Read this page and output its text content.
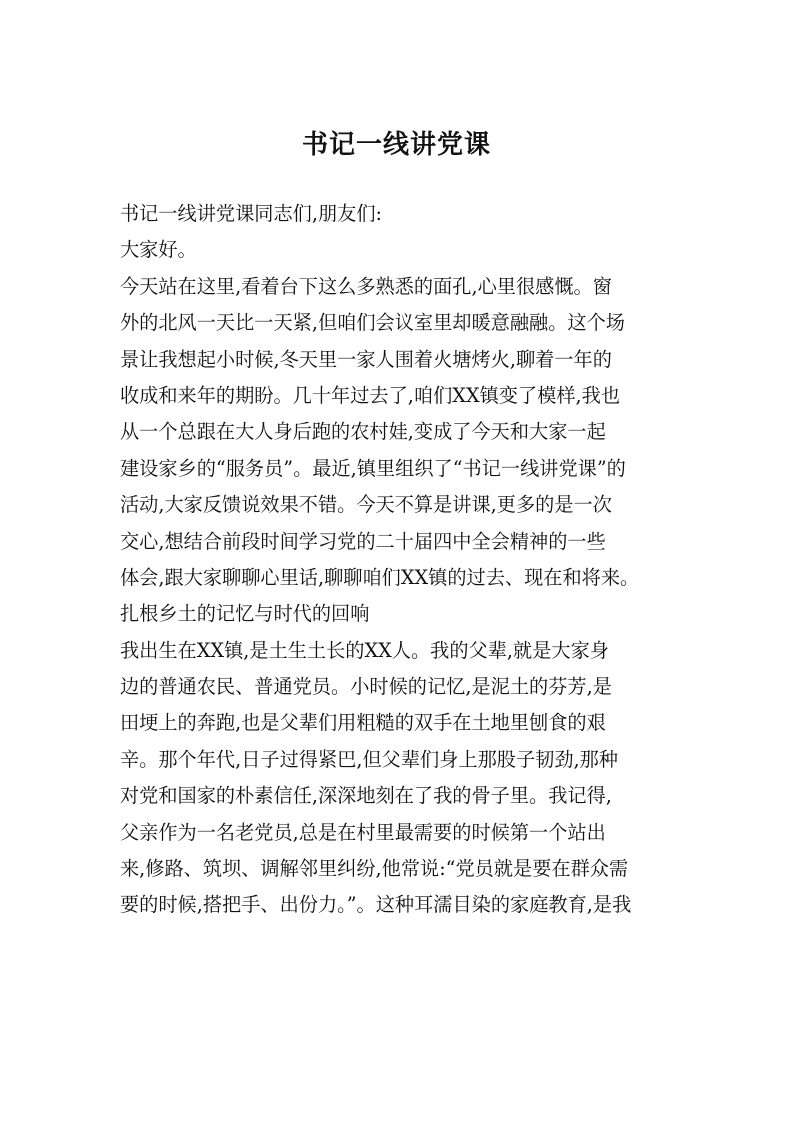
书记一线讲党课
书记一线讲党课同志们,朋友们:
大家好。
今天站在这里,看着台下这么多熟悉的面孔,心里很感慨。窗
外的北风一天比一天紧,但咱们会议室里却暖意融融。这个场
景让我想起小时候,冬天里一家人围着火塘烤火,聊着一年的
收成和来年的期盼。几十年过去了,咱们XX镇变了模样,我也
从一个总跟在大人身后跑的农村娃,变成了今天和大家一起
建设家乡的“服务员”。最近,镇里组织了“书记一线讲党课”的
活动,大家反馈说效果不错。今天不算是讲课,更多的是一次
交心,想结合前段时间学习党的二十届四中全会精神的一些
体会,跟大家聊聊心里话,聊聊咱们XX镇的过去、现在和将来。
扎根乡土的记忆与时代的回响
我出生在XX镇,是土生土长的XX人。我的父辈,就是大家身
边的普通农民、普通党员。小时候的记忆,是泥土的芬芳,是
田埂上的奔跑,也是父辈们用粗糙的双手在土地里刨食的艰
辛。那个年代,日子过得紧巴,但父辈们身上那股子韧劲,那种
对党和国家的朴素信任,深深地刻在了我的骨子里。我记得,
父亲作为一名老党员,总是在村里最需要的时候第一个站出
来,修路、筑坝、调解邻里纠纷,他常说:“党员就是要在群众需
要的时候,搭把手、出份力。”。这种耳濡目染的家庭教育,是我
